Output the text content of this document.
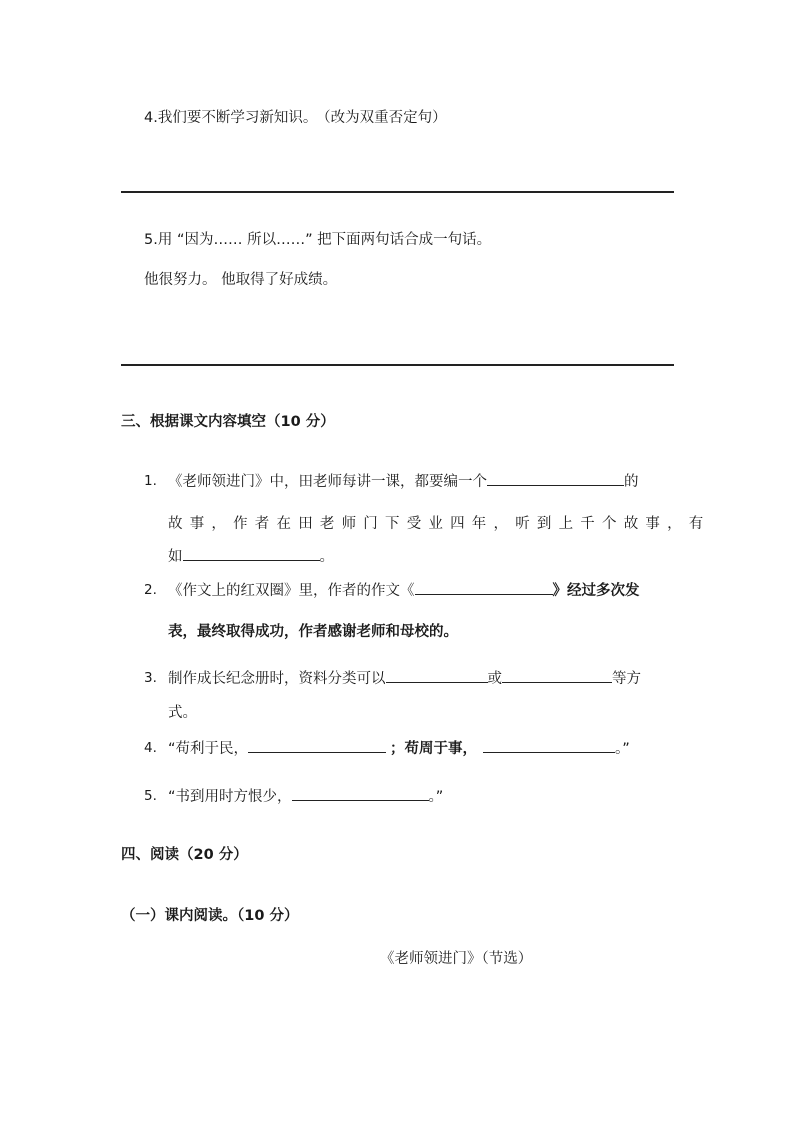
4.我们要不断学习新知识。 （改为双重否定句）
5.用 “因为…… 所以……” 把下面两句话合成一句话。
他很努力。 他取得了好成绩。
三、根据课文内容填空（10 分）
1. 《老师领进门》中，田老师每讲一课，都要编一个	的
故事，作者在田老师门下受业四年，听到上千个故事，有
如	。
2. 《作文上的红双圈》里，作者的作文《	》经过多次发
表，最终取得成功，作者感谢老师和母校的。
3. 制作成长纪念册时，资料分类可以	或	等方
式。
4. “苟利于民，	；苟周于事，	。”
5. “书到用时方恨少，	。”
四、阅读（20 分）
（一）课内阅读。（10 分）
《老师领进门》（节选）
